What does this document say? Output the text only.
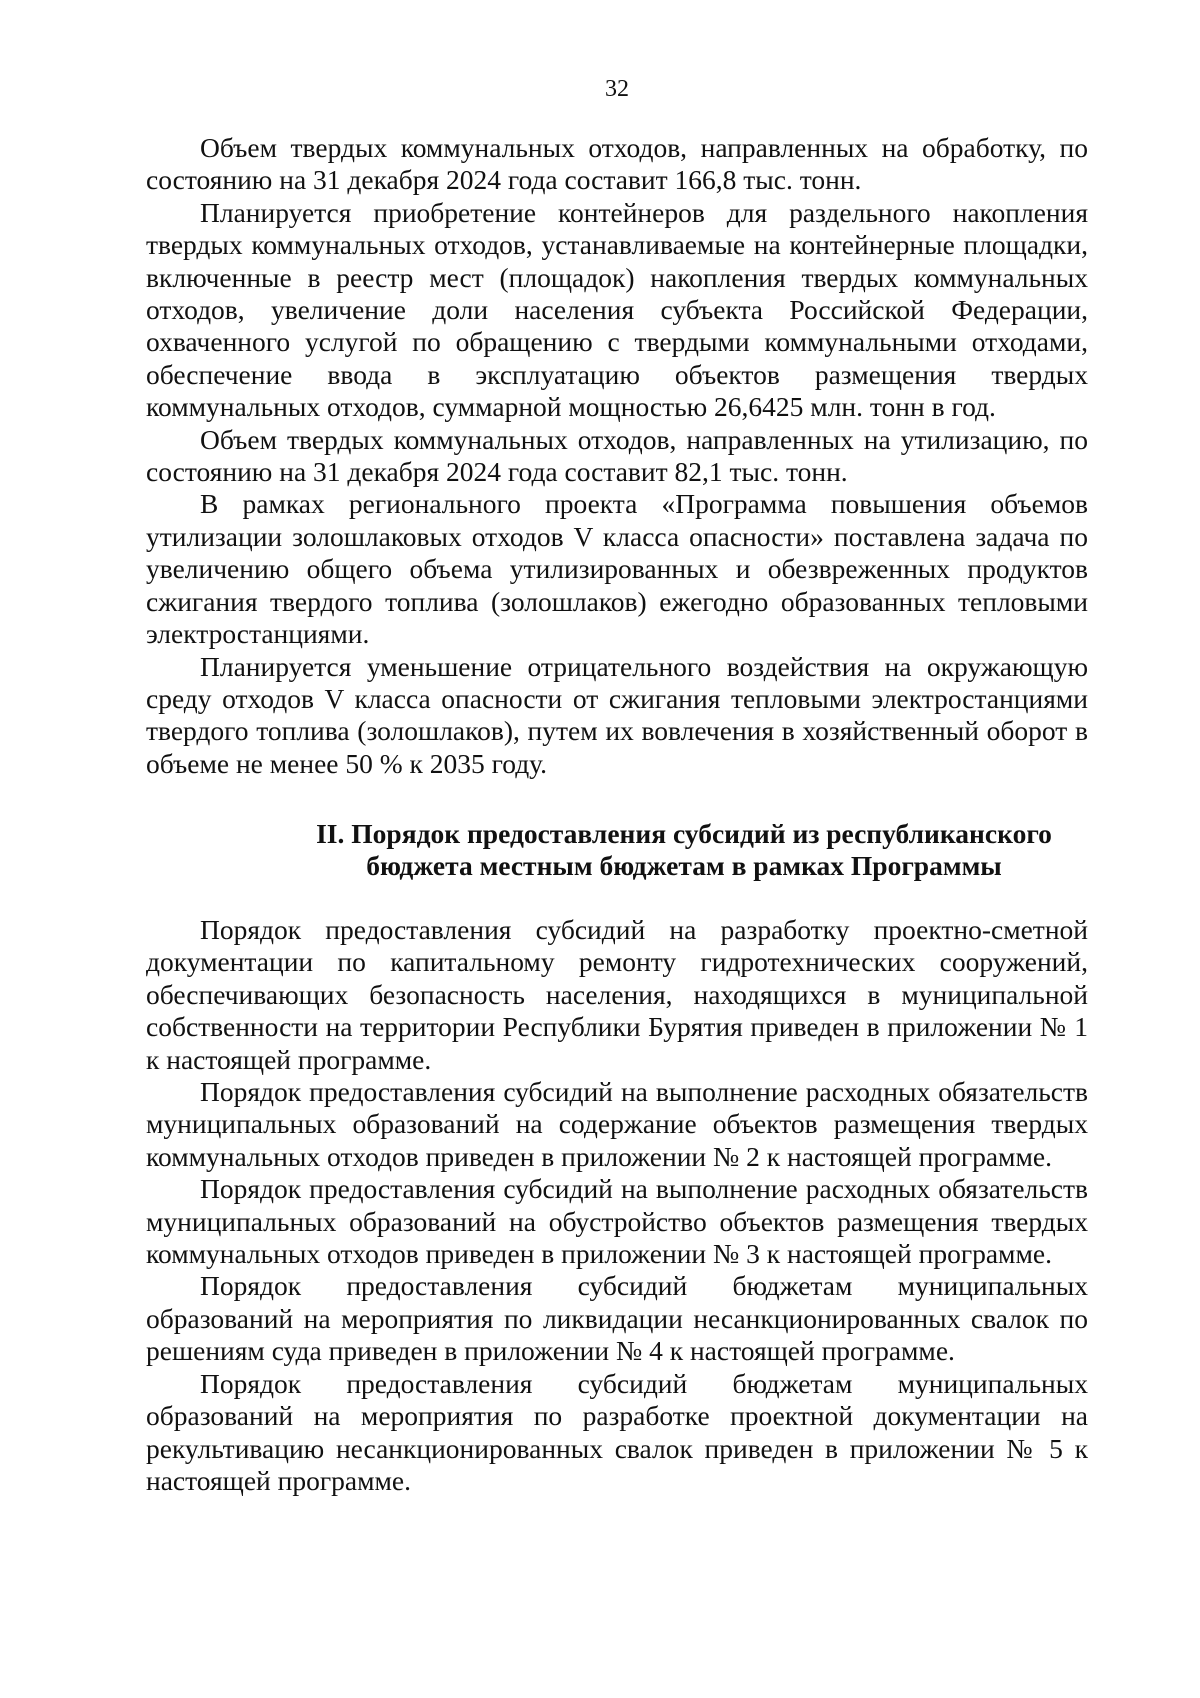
32

Объем твердых коммунальных отходов, направленных на обработку, по состоянию на 31 декабря 2024 года составит 166,8 тыс. тонн.

Планируется приобретение контейнеров для раздельного накопления твердых коммунальных отходов, устанавливаемые на контейнерные площадки, включенные в реестр мест (площадок) накопления твердых коммунальных отходов, увеличение доли населения субъекта Российской Федерации, охваченного услугой по обращению с твердыми коммунальными отходами, обеспечение ввода в эксплуатацию объектов размещения твердых коммунальных отходов, суммарной мощностью 26,6425 млн. тонн в год.

Объем твердых коммунальных отходов, направленных на утилизацию, по состоянию на 31 декабря 2024 года составит 82,1 тыс. тонн.

В рамках регионального проекта «Программа повышения объемов утилизации золошлаковых отходов V класса опасности» поставлена задача по увеличению общего объема утилизированных и обезвреженных продуктов сжигания твердого топлива (золошлаков) ежегодно образованных тепловыми электростанциями.

Планируется уменьшение отрицательного воздействия на окружающую среду отходов V класса опасности от сжигания тепловыми электростанциями твердого топлива (золошлаков), путем их вовлечения в хозяйственный оборот в объеме не менее 50 % к 2035 году.

II. Порядок предоставления субсидий из республиканского
бюджета местным бюджетам в рамках Программы

Порядок предоставления субсидий на разработку проектно-сметной документации по капитальному ремонту гидротехнических сооружений, обеспечивающих безопасность населения, находящихся в муниципальной собственности на территории Республики Бурятия приведен в приложении № 1 к настоящей программе.

Порядок предоставления субсидий на выполнение расходных обязательств муниципальных образований на содержание объектов размещения твердых коммунальных отходов приведен в приложении № 2 к настоящей программе.

Порядок предоставления субсидий на выполнение расходных обязательств муниципальных образований на обустройство объектов размещения твердых коммунальных отходов приведен в приложении № 3 к настоящей программе.

Порядок предоставления субсидий бюджетам муниципальных образований на мероприятия по ликвидации несанкционированных свалок по решениям суда приведен в приложении № 4 к настоящей программе.

Порядок предоставления субсидий бюджетам муниципальных образований на мероприятия по разработке проектной документации на рекультивацию несанкционированных свалок приведен в приложении № 5 к настоящей программе.
